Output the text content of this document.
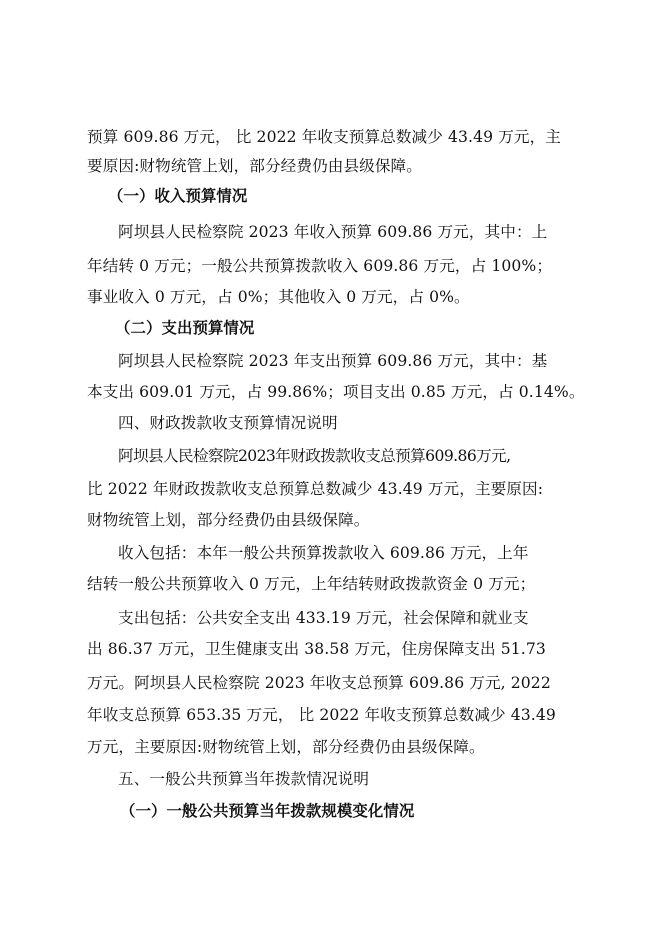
预算 609.86 万元， 比 2022 年收支预算总数减少 43.49 万元，主
要原因:财物统管上划，部分经费仍由县级保障。
（一）收入预算情况
阿坝县人民检察院 2023 年收入预算 609.86 万元，其中：上
年结转 0 万元；一般公共预算拨款收入 609.86 万元，占 100%；
事业收入 0 万元，占 0%；其他收入 0 万元，占 0%。
（二）支出预算情况
阿坝县人民检察院 2023 年支出预算 609.86 万元，其中：基
本支出 609.01 万元，占 99.86%；项目支出 0.85 万元，占 0.14%。
四、财政拨款收支预算情况说明
阿坝县人民检察院2023年财政拨款收支总预算609.86万元,
比 2022 年财政拨款收支总预算总数减少 43.49 万元，主要原因:
财物统管上划，部分经费仍由县级保障。
收入包括：本年一般公共预算拨款收入 609.86 万元，上年
结转一般公共预算收入 0 万元，上年结转财政拨款资金 0 万元；
支出包括：公共安全支出 433.19 万元，社会保障和就业支
出 86.37 万元，卫生健康支出 38.58 万元，住房保障支出 51.73
万元。阿坝县人民检察院 2023 年收支总预算 609.86 万元, 2022
年收支总预算 653.35 万元， 比 2022 年收支预算总数减少 43.49
万元，主要原因:财物统管上划，部分经费仍由县级保障。
五、一般公共预算当年拨款情况说明
（一）一般公共预算当年拨款规模变化情况
